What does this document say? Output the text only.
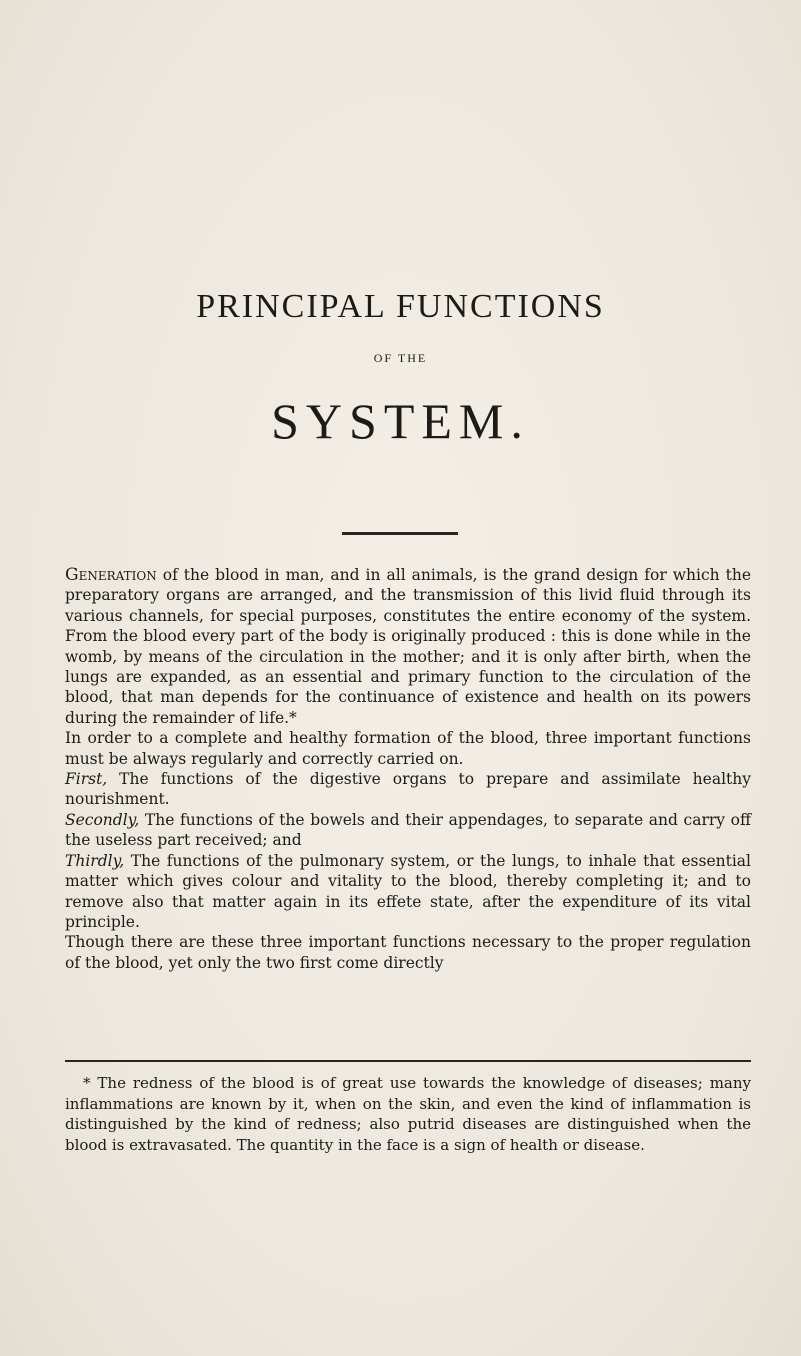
PRINCIPAL FUNCTIONS
OF THE
SYSTEM.

Generation of the blood in man, and in all animals, is the grand design for which the preparatory organs are arranged, and the transmission of this livid fluid through its various channels, for special purposes, constitutes the entire economy of the system. From the blood every part of the body is originally produced : this is done while in the womb, by means of the circulation in the mother; and it is only after birth, when the lungs are expanded, as an essential and primary function to the circulation of the blood, that man depends for the continuance of existence and health on its powers during the remainder of life.*

In order to a complete and healthy formation of the blood, three important functions must be always regularly and correctly carried on.

First, The functions of the digestive organs to prepare and assimilate healthy nourishment.

Secondly, The functions of the bowels and their appendages, to separate and carry off the useless part received; and

Thirdly, The functions of the pulmonary system, or the lungs, to inhale that essential matter which gives colour and vitality to the blood, thereby completing it; and to remove also that matter again in its effete state, after the expenditure of its vital principle.

Though there are these three important functions necessary to the proper regulation of the blood, yet only the two first come directly

* The redness of the blood is of great use towards the knowledge of diseases; many inflammations are known by it, when on the skin, and even the kind of inflammation is distinguished by the kind of redness; also putrid diseases are distinguished when the blood is extravasated. The quantity in the face is a sign of health or disease.
